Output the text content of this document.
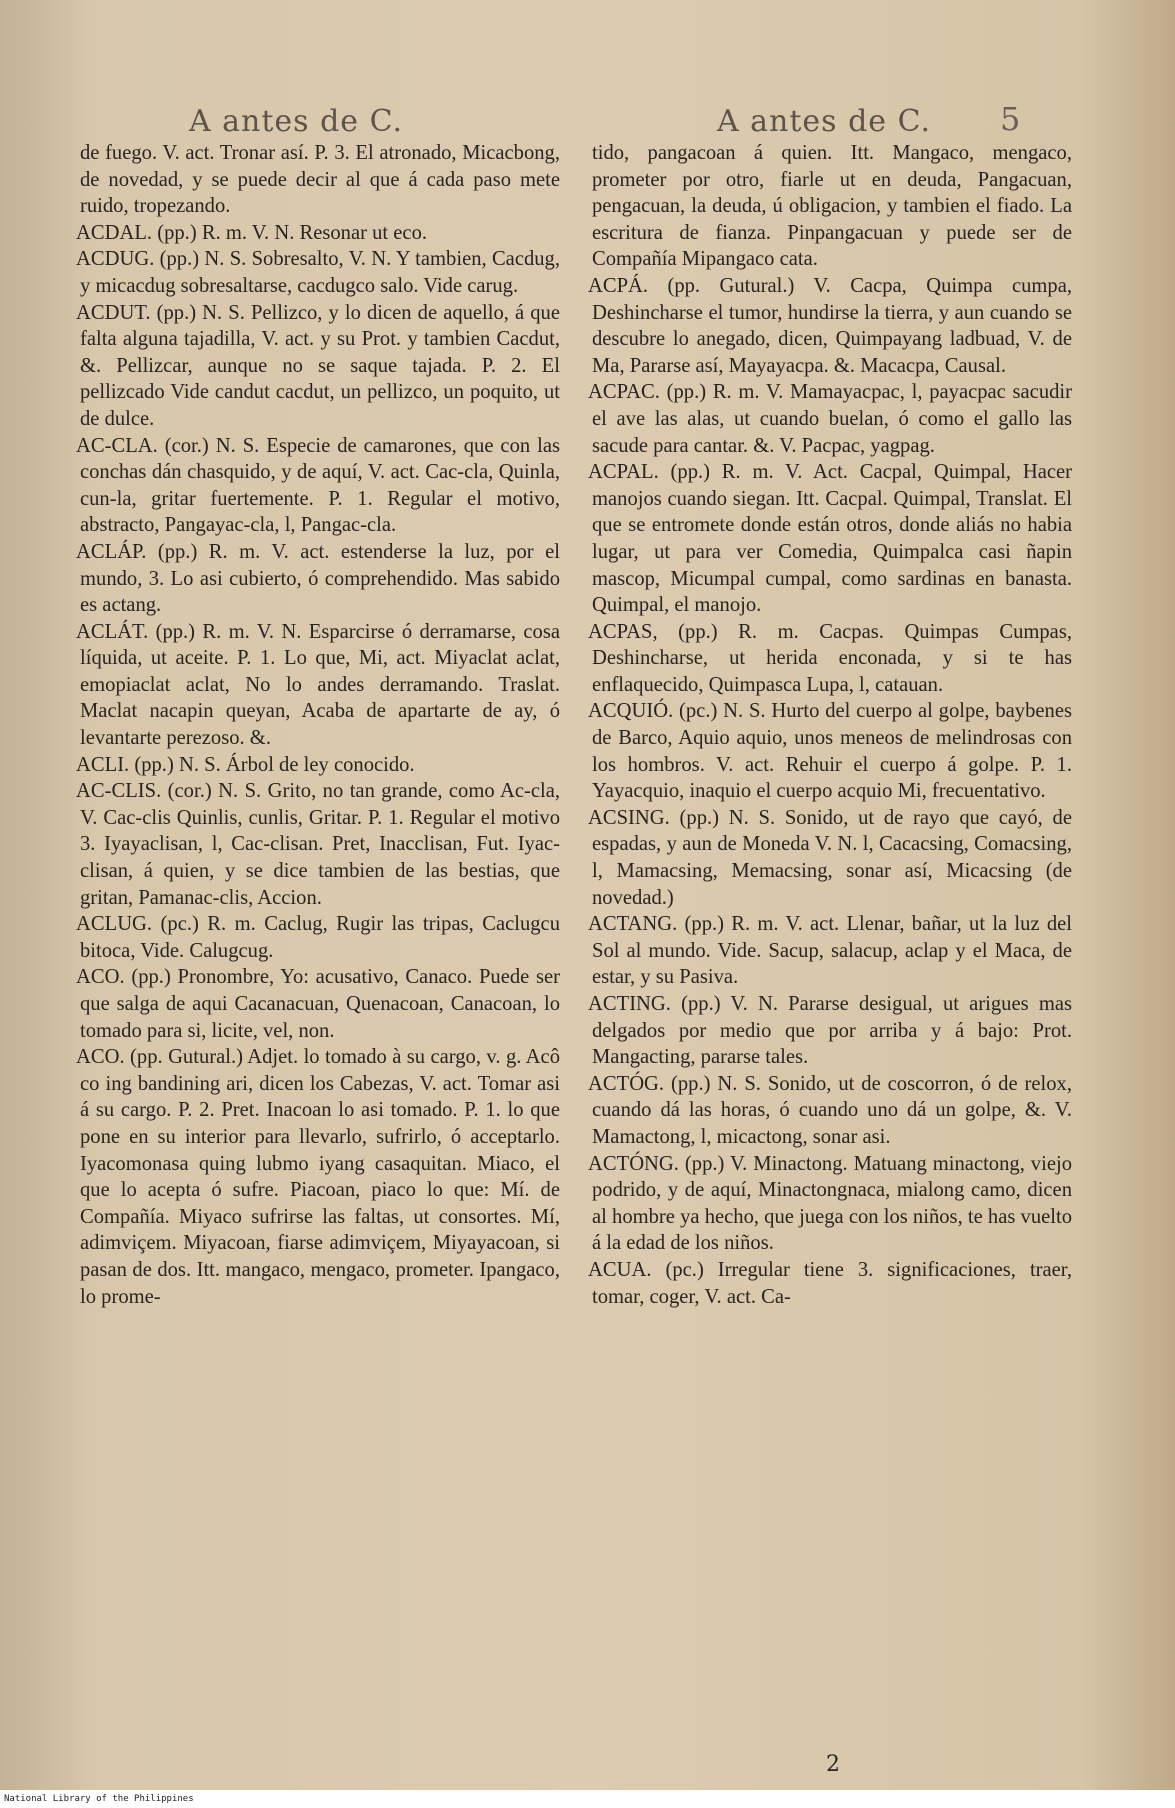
A antes de C.	A antes de C.	5

de fuego. V. act. Tronar así. P. 3. El atronado, Micacbong, de novedad, y se puede decir al que á cada paso mete ruido, tropezando.

ACDAL. (pp.) R. m. V. N. Resonar ut eco.

ACDUG. (pp.) N. S. Sobresalto, V. N. Y tambien, Cacdug, y micacdug sobresaltarse, cacdugco salo. Vide carug.

ACDUT. (pp.) N. S. Pellizco, y lo dicen de aquello, á que falta alguna tajadilla, V. act. y su Prot. y tambien Cacdut, &. Pellizcar, aunque no se saque tajada. P. 2. El pellizcado Vide candut cacdut, un pellizco, un poquito, ut de dulce.

AC-CLA. (cor.) N. S. Especie de camarones, que con las conchas dán chasquido, y de aquí, V. act. Cac-cla, Quinla, cun-la, gritar fuertemente. P. 1. Regular el motivo, abstracto, Pangayac-cla, l, Pangac-cla.

ACLÁP. (pp.) R. m. V. act. estenderse la luz, por el mundo, 3. Lo asi cubierto, ó comprehendido. Mas sabido es actang.

ACLÁT. (pp.) R. m. V. N. Esparcirse ó derramarse, cosa líquida, ut aceite. P. 1. Lo que, Mi, act. Miyaclat aclat, emopiaclat aclat, No lo andes derramando. Traslat. Maclat nacapin queyan, Acaba de apartarte de ay, ó levantarte perezoso. &.

ACLI. (pp.) N. S. Árbol de ley conocido.

AC-CLIS. (cor.) N. S. Grito, no tan grande, como Ac-cla, V. Cac-clis Quinlis, cunlis, Gritar. P. 1. Regular el motivo 3. Iyayaclisan, l, Cac-clisan. Pret, Inacclisan, Fut. Iyac-clisan, á quien, y se dice tambien de las bestias, que gritan, Pamanac-clis, Accion.

ACLUG. (pc.) R. m. Caclug, Rugir las tripas, Caclugcu bitoca, Vide. Calugcug.

ACO. (pp.) Pronombre, Yo: acusativo, Canaco. Puede ser que salga de aqui Cacanacuan, Quenacoan, Canacoan, lo tomado para si, licite, vel, non.

ACO. (pp. Gutural.) Adjet. lo tomado à su cargo, v. g. Acô co ing bandining ari, dicen los Cabezas, V. act. Tomar asi á su cargo. P. 2. Pret. Inacoan lo asi tomado. P. 1. lo que pone en su interior para llevarlo, sufrirlo, ó acceptarlo. Iyacomonasa quing lubmo iyang casaquitan. Miaco, el que lo acepta ó sufre. Piacoan, piaco lo que: Mí. de Compañía. Miyaco sufrirse las faltas, ut consortes. Mí, adimviçem. Miyacoan, fiarse adimviçem, Miyayacoan, si pasan de dos. Itt. mangaco, mengaco, prometer. Ipangaco, lo prome-

tido, pangacoan á quien. Itt. Mangaco, mengaco, prometer por otro, fiarle ut en deuda, Pangacuan, pengacuan, la deuda, ú obligacion, y tambien el fiado. La escritura de fianza. Pinpangacuan y puede ser de Compañía Mipangaco cata.

ACPÁ. (pp. Gutural.) V. Cacpa, Quimpa cumpa, Deshincharse el tumor, hundirse la tierra, y aun cuando se descubre lo anegado, dicen, Quimpayang ladbuad, V. de Ma, Pararse así, Mayayacpa. &. Macacpa, Causal.

ACPAC. (pp.) R. m. V. Mamayacpac, l, payacpac sacudir el ave las alas, ut cuando buelan, ó como el gallo las sacude para cantar. &. V. Pacpac, yagpag.

ACPAL. (pp.) R. m. V. Act. Cacpal, Quimpal, Hacer manojos cuando siegan. Itt. Cacpal. Quimpal, Translat. El que se entromete donde están otros, donde aliás no habia lugar, ut para ver Comedia, Quimpalca casi ñapin mascop, Micumpal cumpal, como sardinas en banasta. Quimpal, el manojo.

ACPAS, (pp.) R. m. Cacpas. Quimpas Cumpas, Deshincharse, ut herida enconada, y si te has enflaquecido, Quimpasca Lupa, l, catauan.

ACQUIÓ. (pc.) N. S. Hurto del cuerpo al golpe, baybenes de Barco, Aquio aquio, unos meneos de melindrosas con los hombros. V. act. Rehuir el cuerpo á golpe. P. 1. Yayacquio, inaquio el cuerpo acquio Mi, frecuentativo.

ACSING. (pp.) N. S. Sonido, ut de rayo que cayó, de espadas, y aun de Moneda V. N. l, Cacacsing, Comacsing, l, Mamacsing, Memacsing, sonar así, Micacsing (de novedad.)

ACTANG. (pp.) R. m. V. act. Llenar, bañar, ut la luz del Sol al mundo. Vide. Sacup, salacup, aclap y el Maca, de estar, y su Pasiva.

ACTING. (pp.) V. N. Pararse desigual, ut arigues mas delgados por medio que por arriba y á bajo: Prot. Mangacting, pararse tales.

ACTÓG. (pp.) N. S. Sonido, ut de coscorron, ó de relox, cuando dá las horas, ó cuando uno dá un golpe, &. V. Mamactong, l, micactong, sonar asi.

ACTÓNG. (pp.) V. Minactong. Matuang minactong, viejo podrido, y de aquí, Minactongnaca, mialong camo, dicen al hombre ya hecho, que juega con los niños, te has vuelto á la edad de los niños.

ACUA. (pc.) Irregular tiene 3. significaciones, traer, tomar, coger, V. act. Ca-

2
National Library of the Philippines
